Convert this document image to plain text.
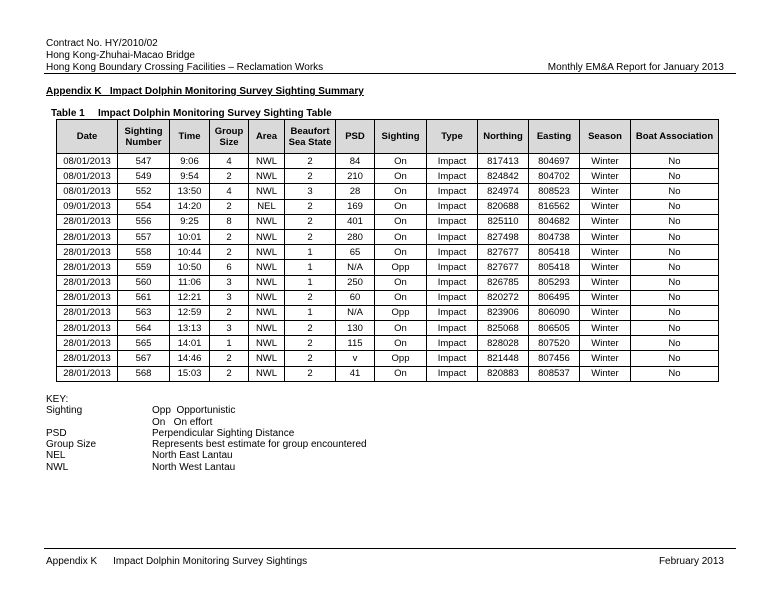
Contract No. HY/2010/02
Hong Kong-Zhuhai-Macao Bridge
Hong Kong Boundary Crossing Facilities – Reclamation Works	Monthly EM&A Report for January 2013
Appendix K   Impact Dolphin Monitoring Survey Sighting Summary
Table 1 Impact Dolphin Monitoring Survey Sighting Table
Date	Sighting Number	Time	Group Size	Area	Beaufort Sea State	PSD	Sighting	Type	Northing	Easting	Season	Boat Association
08/01/2013	547	9:06	4	NWL	2	84	On	Impact	817413	804697	Winter	No
08/01/2013	549	9:54	2	NWL	2	210	On	Impact	824842	804702	Winter	No
08/01/2013	552	13:50	4	NWL	3	28	On	Impact	824974	808523	Winter	No
09/01/2013	554	14:20	2	NEL	2	169	On	Impact	820688	816562	Winter	No
28/01/2013	556	9:25	8	NWL	2	401	On	Impact	825110	804682	Winter	No
28/01/2013	557	10:01	2	NWL	2	280	On	Impact	827498	804738	Winter	No
28/01/2013	558	10:44	2	NWL	1	65	On	Impact	827677	805418	Winter	No
28/01/2013	559	10:50	6	NWL	1	N/A	Opp	Impact	827677	805418	Winter	No
28/01/2013	560	11:06	3	NWL	1	250	On	Impact	826785	805293	Winter	No
28/01/2013	561	12:21	3	NWL	2	60	On	Impact	820272	806495	Winter	No
28/01/2013	563	12:59	2	NWL	1	N/A	Opp	Impact	823906	806090	Winter	No
28/01/2013	564	13:13	3	NWL	2	130	On	Impact	825068	806505	Winter	No
28/01/2013	565	14:01	1	NWL	2	115	On	Impact	828028	807520	Winter	No
28/01/2013	567	14:46	2	NWL	2	v	Opp	Impact	821448	807456	Winter	No
28/01/2013	568	15:03	2	NWL	2	41	On	Impact	820883	808537	Winter	No
KEY:
Sighting	Opp  Opportunistic
On   On effort
PSD	Perpendicular Sighting Distance
Group Size	Represents best estimate for group encountered
NEL	North East Lantau
NWL	North West Lantau
Appendix K Impact Dolphin Monitoring Survey Sightings	February 2013
